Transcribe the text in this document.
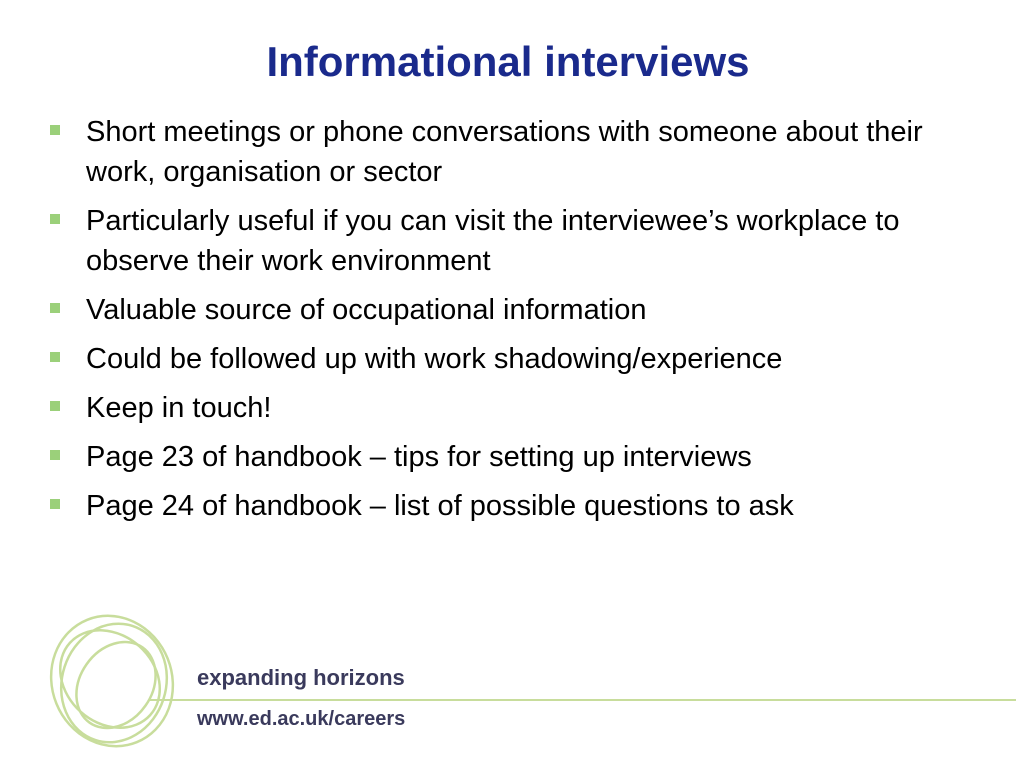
Informational interviews
Short meetings or phone conversations with someone about their work, organisation or sector
Particularly useful if you can visit the interviewee’s workplace to observe their work environment
Valuable source of occupational information
Could be followed up with work shadowing/experience
Keep in touch!
Page 23 of handbook – tips for setting up interviews
Page 24 of handbook – list of possible questions to ask
expanding horizons
www.ed.ac.uk/careers
